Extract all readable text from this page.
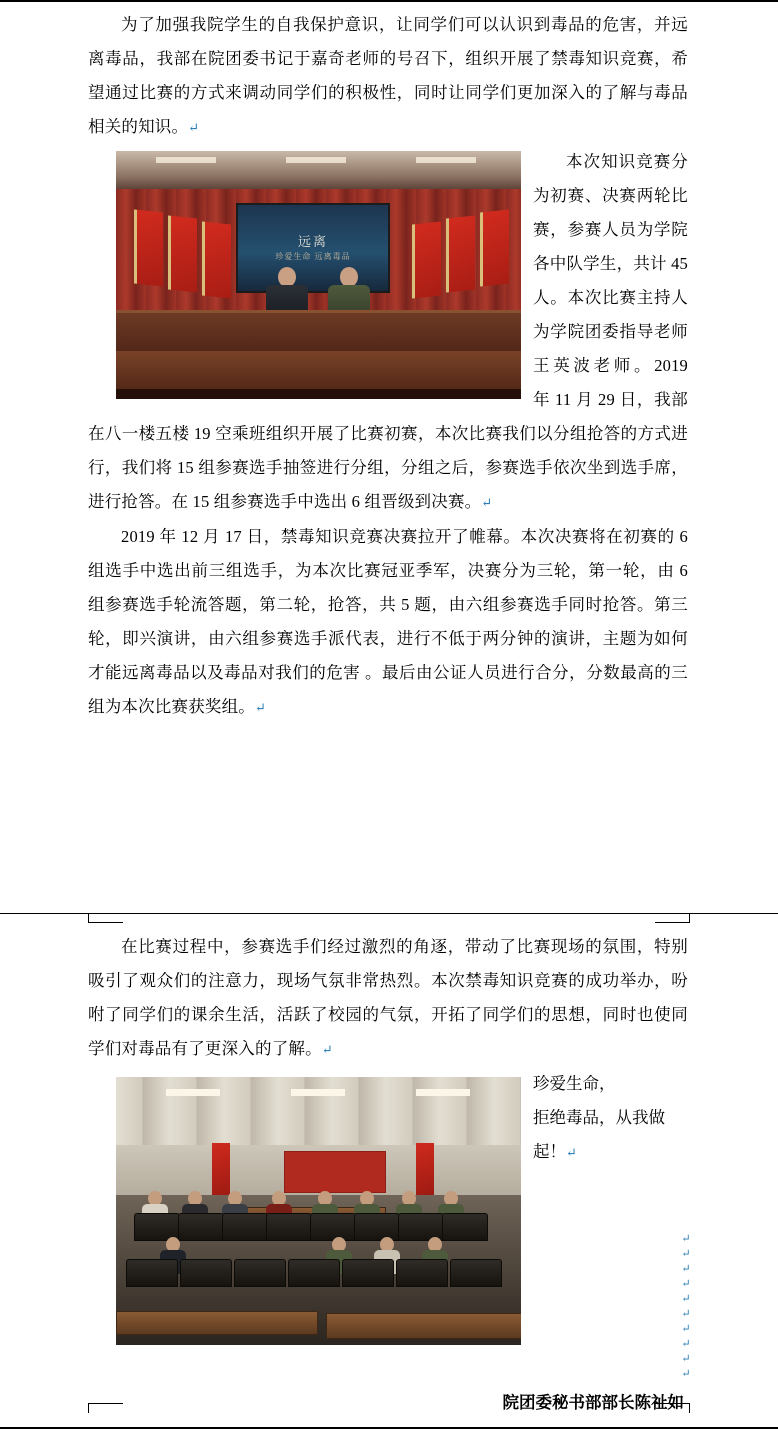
为了加强我院学生的自我保护意识，让同学们可以认识到毒品的危害，并远离毒品，我部在院团委书记于嘉奇老师的号召下，组织开展了禁毒知识竞赛，希望通过比赛的方式来调动同学们的积极性，同时让同学们更加深入的了解与毒品相关的知识。↵

远离
珍爱生命 远离毒品

本次知识竞赛分为初赛、决赛两轮比赛，参赛人员为学院各中队学生，共计 45 人。本次比赛主持人为学院团委指导老师王英波老师。2019 年 11 月 29 日，我部在八一楼五楼 19 空乘班组织开展了比赛初赛，本次比赛我们以分组抢答的方式进行，我们将 15 组参赛选手抽签进行分组，分组之后，参赛选手依次坐到选手席，进行抢答。在 15 组参赛选手中选出 6 组晋级到决赛。↵

2019 年 12 月 17 日，禁毒知识竞赛决赛拉开了帷幕。本次决赛将在初赛的 6 组选手中选出前三组选手，为本次比赛冠亚季军，决赛分为三轮，第一轮，由 6 组参赛选手轮流答题，第二轮，抢答，共 5 题，由六组参赛选手同时抢答。第三轮，即兴演讲，由六组参赛选手派代表，进行不低于两分钟的演讲，主题为如何才能远离毒品以及毒品对我们的危害 。最后由公证人员进行合分，分数最高的三组为本次比赛获奖组。↵

在比赛过程中，参赛选手们经过激烈的角逐，带动了比赛现场的氛围，特别吸引了观众们的注意力，现场气氛非常热烈。本次禁毒知识竞赛的成功举办，吩咐了同学们的课余生活，活跃了校园的气氛，开拓了同学们的思想，同时也使同学们对毒品有了更深入的了解。↵

珍爱生命，
拒绝毒品，从我做
起！↵
↵
↵
↵
↵
↵
↵
↵
↵
↵
↵
院团委秘书部部长陈祉如
